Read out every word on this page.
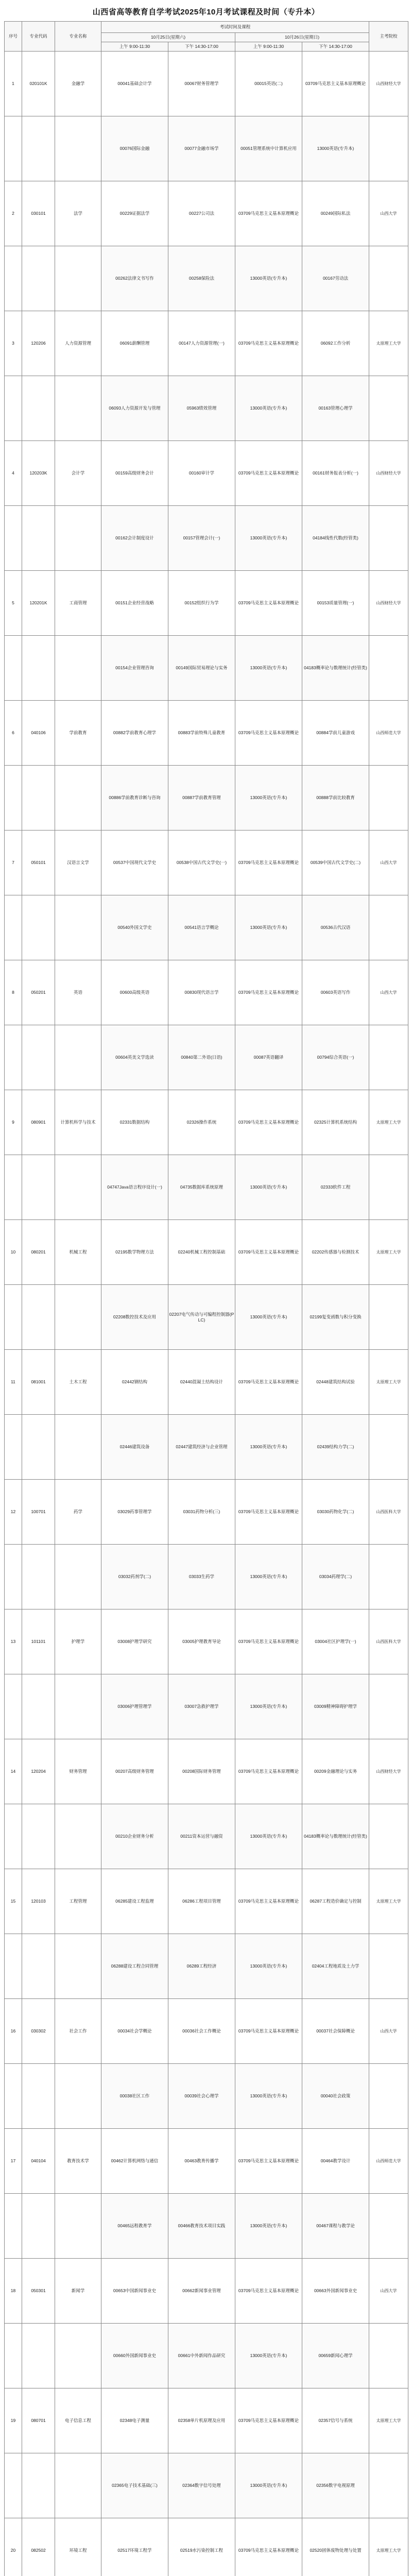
山西省高等教育自学考试2025年10月考试课程及时间（专升本）
序号	专业代码	专业名称	考试时间及课程				主考院校
			10月25日(星期六)		10月26日(星期日)		
			上午 9:00-11:30	下午 14:30-17:00	上午 9:00-11:30	下午 14:30-17:00	
1	020101K	金融学	00041基础会计学	00067财务管理学	00015英语(二)	03709马克思主义基本原理概论	山西财经大学
			00076国际金融	00077金融市场学	00051管理系统中计算机应用	13000英语(专升本)	
2	030101	法学	00229证据法学	00227公司法	03709马克思主义基本原理概论	00249国际私法	山西大学
			00262法律文书写作	00258保险法	13000英语(专升本)	00167劳动法	
3	120206	人力资源管理	06091薪酬管理	00147人力资源管理(一)	03709马克思主义基本原理概论	06092工作分析	太原理工大学
			06093人力资源开发与管理	05963绩效管理	13000英语(专升本)	00163管理心理学	
4	120203K	会计学	00159高级财务会计	00160审计学	03709马克思主义基本原理概论	00161财务报表分析(一)	山西财经大学
			00162会计制度设计	00157管理会计(一)	13000英语(专升本)	04184线性代数(经管类)	
5	120201K	工商管理	00151企业经营战略	00152组织行为学	03709马克思主义基本原理概论	00153质量管理(一)	山西财经大学
			00154企业管理咨询	00149国际贸易理论与实务	13000英语(专升本)	04183概率论与数理统计(经管类)	
6	040106	学前教育	00882学前教育心理学	00883学前特殊儿童教育	03709马克思主义基本原理概论	00884学前儿童游戏	山西师范大学
			00886学前教育诊断与咨询	00887学前教育管理	13000英语(专升本)	00888学前比较教育	
7	050101	汉语言文学	00537中国现代文学史	00538中国古代文学史(一)	03709马克思主义基本原理概论	00539中国古代文学史(二)	山西大学
			00540外国文学史	00541语言学概论	13000英语(专升本)	00536古代汉语	
8	050201	英语	00600高级英语	00830现代语言学	03709马克思主义基本原理概论	00603英语写作	山西大学
			00604英美文学选读	00840第二外语(日语)	00087英语翻译	00794综合英语(一)	
9	080901	计算机科学与技术	02331数据结构	02326操作系统	03709马克思主义基本原理概论	02325计算机系统结构	太原理工大学
			04747Java语言程序设计(一)	04735数据库系统原理	13000英语(专升本)	02333软件工程	
10	080201	机械工程	02195数学物理方法	02240机械工程控制基础	03709马克思主义基本原理概论	02202传感器与检测技术	太原理工大学
			02208数控技术及应用	02207电气传动与可编程控制器(PLC)	13000英语(专升本)	02199复变函数与积分变换	
11	081001	土木工程	02442钢结构	02440混凝土结构设计	03709马克思主义基本原理概论	02448建筑结构试验	太原理工大学
			02446建筑设备	02447建筑经济与企业管理	13000英语(专升本)	02439结构力学(二)	
12	100701	药学	03029药事管理学	03031药物分析(三)	03709马克思主义基本原理概论	03030药物化学(二)	山西医科大学
			03032药剂学(二)	03033生药学	13000英语(专升本)	03034药理学(二)	
13	101101	护理学	03008护理学研究	03005护理教育导论	03709马克思主义基本原理概论	03004社区护理学(一)	山西医科大学
			03006护理管理学	03007急救护理学	13000英语(专升本)	03009精神障碍护理学	
14	120204	财务管理	00207高级财务管理	00208国际财务管理	03709马克思主义基本原理概论	00209金融理论与实务	山西财经大学
			00210企业财务分析	00211资本运营与融资	13000英语(专升本)	04183概率论与数理统计(经管类)	
15	120103	工程管理	06285建设工程监理	06286工程项目管理	03709马克思主义基本原理概论	06287工程造价确定与控制	太原理工大学
			06288建设工程合同管理	06289工程经济	13000英语(专升本)	02404工程地质及土力学	
16	030302	社会工作	00034社会学概论	00036社会工作概论	03709马克思主义基本原理概论	00037社会保障概论	山西大学
			00038社区工作	00039社会心理学	13000英语(专升本)	00040社会政策	
17	040104	教育技术学	00462计算机网络与通信	00463教育传播学	03709马克思主义基本原理概论	00464教学设计	山西师范大学
			00465远程教育学	00466教育技术项目实践	13000英语(专升本)	00467课程与教学论	
18	050301	新闻学	00653中国新闻事业史	00662新闻事业管理	03709马克思主义基本原理概论	00663外国新闻事业史	山西大学
			00660外国新闻事业史	00661中外新闻作品研究	13000英语(专升本)	00659新闻心理学	
19	080701	电子信息工程	02348电子测量	02358单片机原理及应用	03709马克思主义基本原理概论	02357信号与系统	太原理工大学
			02365电子技术基础(三)	02364数字信号处理	13000英语(专升本)	02356数字电视原理	
20	082502	环境工程	02517环境工程学	02519水污染控制工程	03709马克思主义基本原理概论	02520固体废物处理与处置	太原理工大学
